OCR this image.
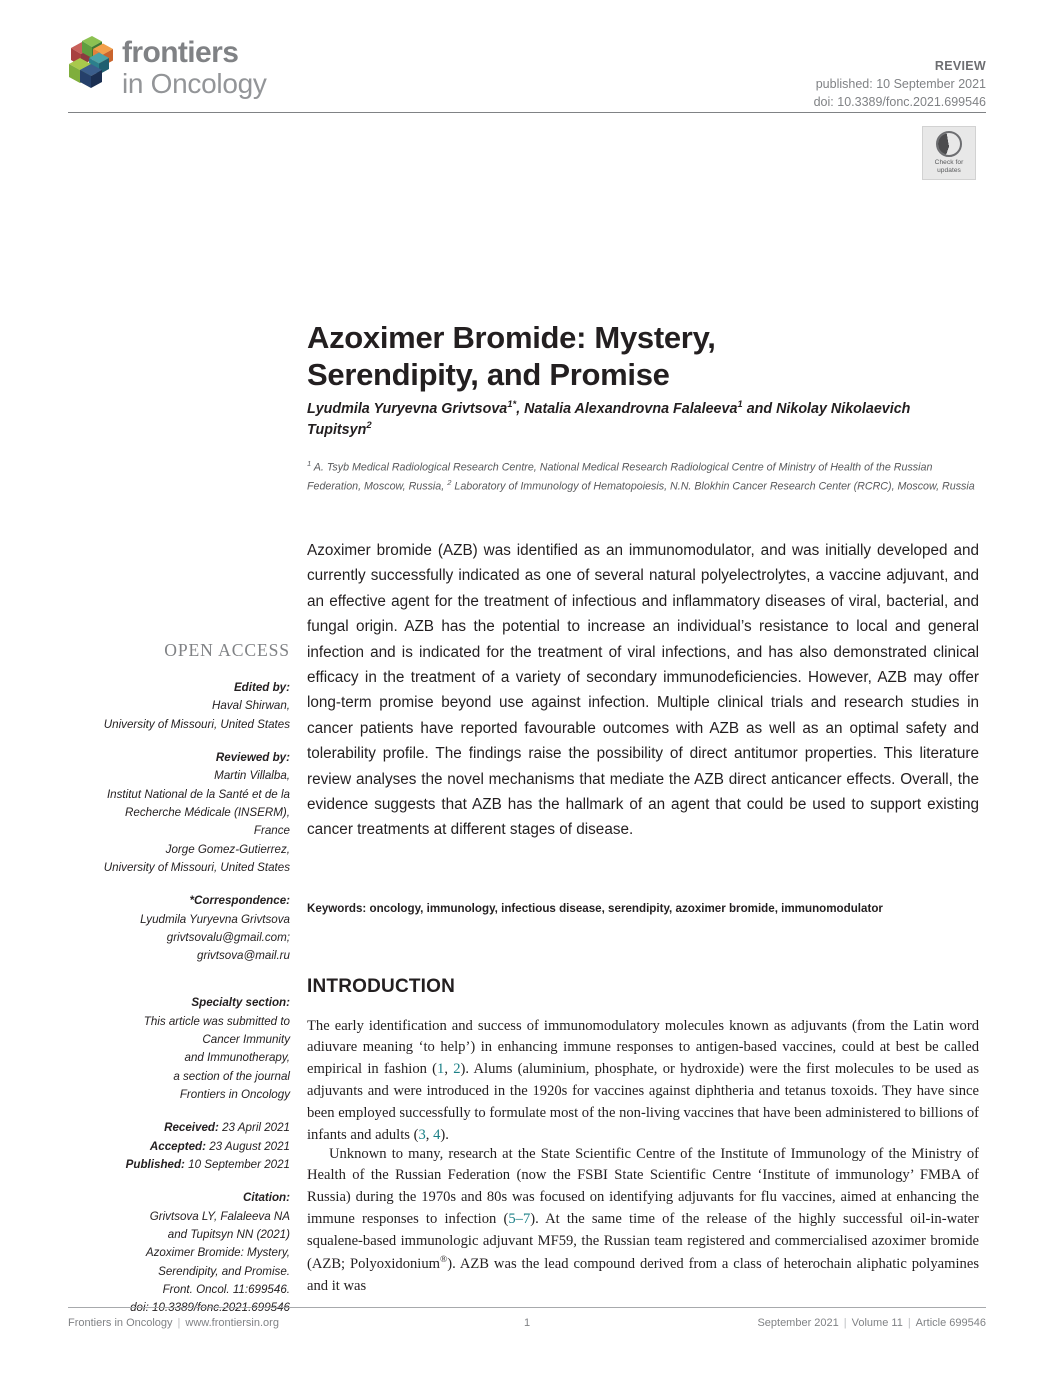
frontiers
in Oncology
REVIEW
published: 10 September 2021
doi: 10.3389/fonc.2021.699546
Check for
updates
Azoximer Bromide: Mystery,
Serendipity, and Promise
Lyudmila Yuryevna Grivtsova$^{1*}$, Natalia Alexandrovna Falaleeva$^1$ and Nikolay Nikolaevich Tupitsyn$^2$
$^1$ A. Tsyb Medical Radiological Research Centre, National Medical Research Radiological Centre of Ministry of Health of the Russian Federation, Moscow, Russia, $^2$ Laboratory of Immunology of Hematopoiesis, N.N. Blokhin Cancer Research Center (RCRC), Moscow, Russia
Azoximer bromide (AZB) was identified as an immunomodulator, and was initially developed and currently successfully indicated as one of several natural polyelectrolytes, a vaccine adjuvant, and an effective agent for the treatment of infectious and inflammatory diseases of viral, bacterial, and fungal origin. AZB has the potential to increase an individual’s resistance to local and general infection and is indicated for the treatment of viral infections, and has also demonstrated clinical efficacy in the treatment of a variety of secondary immunodeficiencies. However, AZB may offer long-term promise beyond use against infection. Multiple clinical trials and research studies in cancer patients have reported favourable outcomes with AZB as well as an optimal safety and tolerability profile. The findings raise the possibility of direct antitumor properties. This literature review analyses the novel mechanisms that mediate the AZB direct anticancer effects. Overall, the evidence suggests that AZB has the hallmark of an agent that could be used to support existing cancer treatments at different stages of disease.
Keywords: oncology, immunology, infectious disease, serendipity, azoximer bromide, immunomodulator
INTRODUCTION

The early identification and success of immunomodulatory molecules known as adjuvants (from the Latin word adiuvare meaning ‘to help’) in enhancing immune responses to antigen-based vaccines, could at best be called empirical in fashion (1, 2). Alums (aluminium, phosphate, or hydroxide) were the first molecules to be used as adjuvants and were introduced in the 1920s for vaccines against diphtheria and tetanus toxoids. They have since been employed successfully to formulate most of the non-living vaccines that have been administered to billions of infants and adults (3, 4).

Unknown to many, research at the State Scientific Centre of the Institute of Immunology of the Ministry of Health of the Russian Federation (now the FSBI State Scientific Centre ‘Institute of immunology’ FMBA of Russia) during the 1970s and 80s was focused on identifying adjuvants for flu vaccines, aimed at enhancing the immune responses to infection (5–7). At the same time of the release of the highly successful oil-in-water squalene-based immunologic adjuvant MF59, the Russian team registered and commercialised azoximer bromide (AZB; Polyoxidonium®). AZB was the lead compound derived from a class of heterochain aliphatic polyamines and it was

OPEN ACCESS
Edited by:
Haval Shirwan,
University of Missouri, United States
Reviewed by:
Martin Villalba,
Institut National de la Santé et de la
Recherche Médicale (INSERM),
France
Jorge Gomez-Gutierrez,
University of Missouri, United States
*Correspondence:
Lyudmila Yuryevna Grivtsova
grivtsovalu@gmail.com;
grivtsova@mail.ru
Specialty section:
This article was submitted to
Cancer Immunity
and Immunotherapy,
a section of the journal
Frontiers in Oncology
Received: 23 April 2021
Accepted: 23 August 2021
Published: 10 September 2021
Citation:
Grivtsova LY, Falaleeva NA
and Tupitsyn NN (2021)
Azoximer Bromide: Mystery,
Serendipity, and Promise.
Front. Oncol. 11:699546.
Frontiers in Oncology | www.frontiersin.org	1	September 2021 | Volume 11 | Article 699546
